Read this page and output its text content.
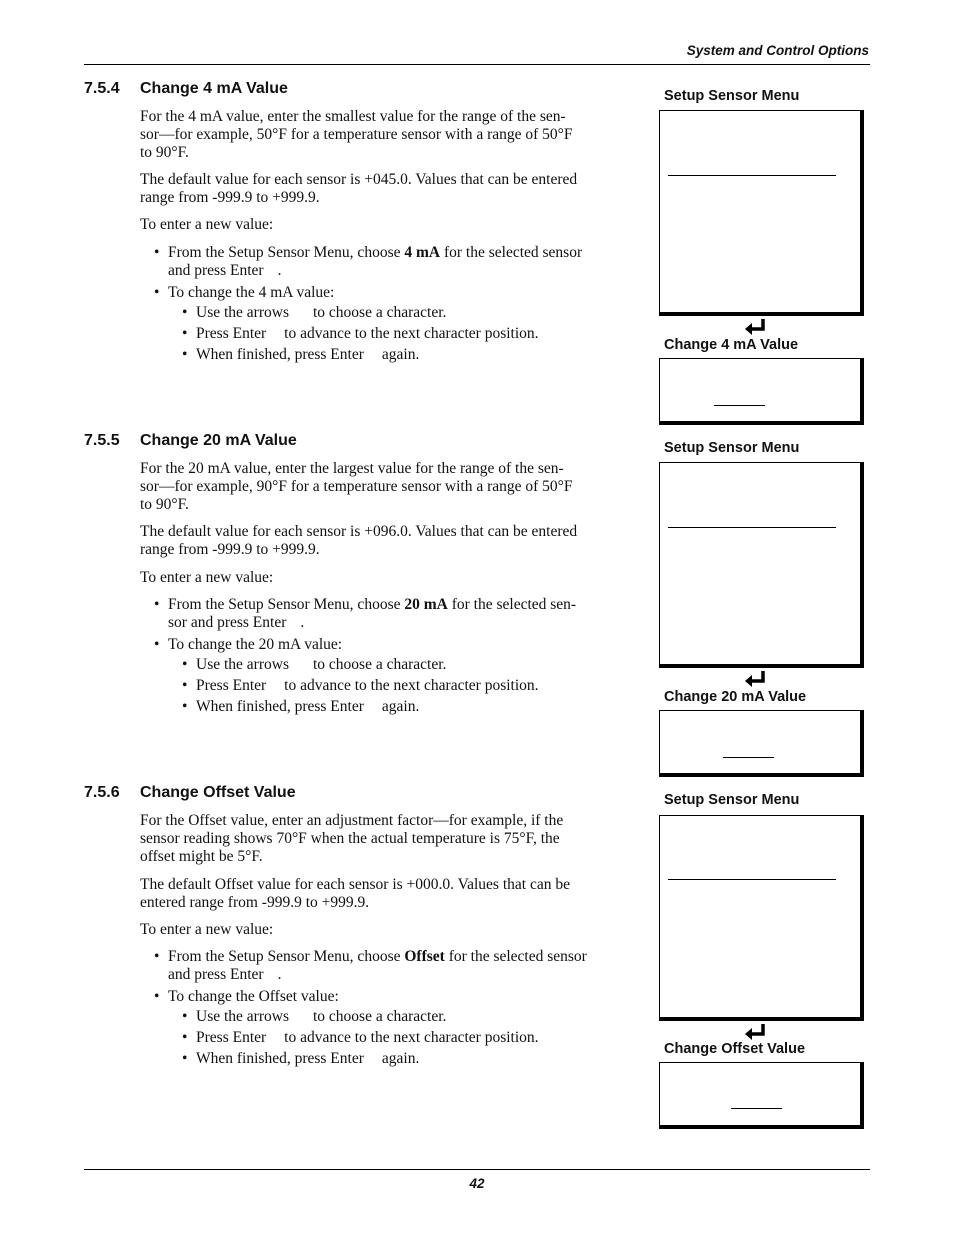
System and Control Options
7.5.4 Change 4 mA Value

For the 4 mA value, enter the smallest value for the range of the sen-
sor—for example, 50°F for a temperature sensor with a range of 50°F
to 90°F.

The default value for each sensor is +045.0. Values that can be entered
range from -999.9 to +999.9.

To enter a new value:

• From the Setup Sensor Menu, choose 4 mA for the selected sensor
and press Enter .
• To change the 4 mA value:
• Use the arrows to choose a character.
• Press Enter to advance to the next character position.
• When finished, press Enter again.
Setup Sensor Menu
Change 4 mA Value
7.5.5 Change 20 mA Value

For the 20 mA value, enter the largest value for the range of the sen-
sor—for example, 90°F for a temperature sensor with a range of 50°F
to 90°F.

The default value for each sensor is +096.0. Values that can be entered
range from -999.9 to +999.9.

To enter a new value:

• From the Setup Sensor Menu, choose 20 mA for the selected sen-
sor and press Enter .
• To change the 20 mA value:
• Use the arrows to choose a character.
• Press Enter to advance to the next character position.
• When finished, press Enter again.
Setup Sensor Menu
Change 20 mA Value
7.5.6 Change Offset Value

For the Offset value, enter an adjustment factor—for example, if the
sensor reading shows 70°F when the actual temperature is 75°F, the
offset might be 5°F.

The default Offset value for each sensor is +000.0. Values that can be
entered range from -999.9 to +999.9.

To enter a new value:

• From the Setup Sensor Menu, choose Offset for the selected sensor
and press Enter .
• To change the Offset value:
• Use the arrows to choose a character.
• Press Enter to advance to the next character position.
• When finished, press Enter again.
Setup Sensor Menu
Change Offset Value
42
